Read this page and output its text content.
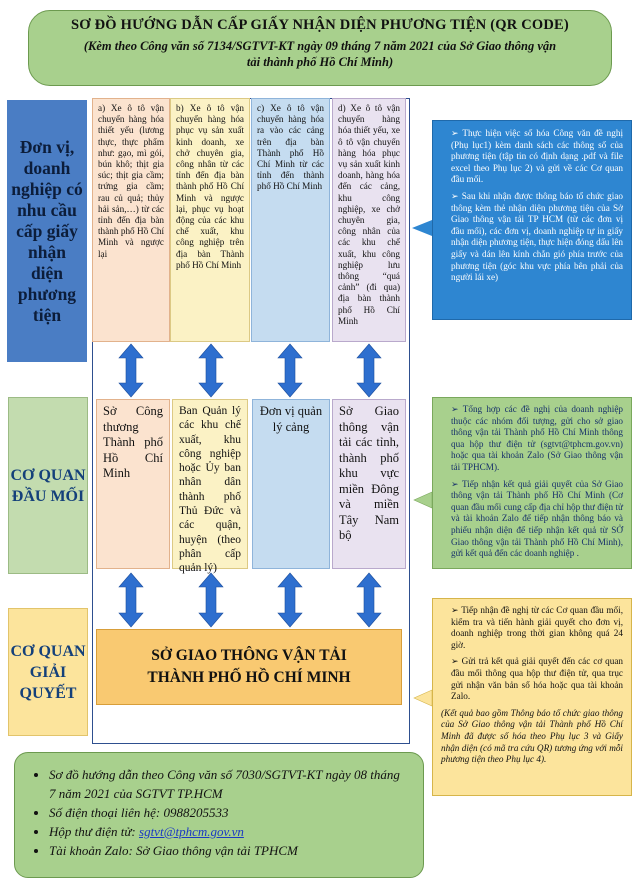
SƠ ĐỒ HƯỚNG DẪN CẤP GIẤY NHẬN DIỆN PHƯƠNG TIỆN (QR CODE)
(Kèm theo Công văn số 7134/SGTVT-KT ngày 09 tháng 7 năm 2021 của Sở Giao thông vận
tải thành phố Hồ Chí Minh)
Đơn vị, doanh nghiệp có nhu cầu cấp giấy nhận diện phương tiện
CƠ QUAN ĐẦU MỐI
CƠ QUAN GIẢI QUYẾT
a) Xe ô tô vận chuyển hàng hóa thiết yếu (lương thực, thực phẩm như: gạo, mì gói, bún khô; thịt gia súc; thịt gia cầm; trứng gia cầm; rau củ quả; thủy hải sản,…) từ các tỉnh đến địa bàn thành phố Hồ Chí Minh và ngược lại
b) Xe ô tô vận chuyển hàng hóa phục vụ sản xuất kinh doanh, xe chở chuyên gia, công nhân từ các tỉnh đến địa bàn thành phố Hồ Chí Minh và ngược lại, phục vụ hoạt động của các khu chế xuất, khu công nghiệp trên địa bàn Thành phố Hồ Chí Minh
c) Xe ô tô vận chuyển hàng hóa ra vào các cảng trên địa bàn Thành phố Hồ Chí Minh từ các tỉnh đến thành phố Hồ Chí Minh
d) Xe ô tô vận chuyển hàng hóa thiết yếu, xe ô tô vận chuyển hàng hóa phục vụ sản xuất kinh doanh, hàng hóa đến các cảng, khu công nghiệp, xe chở chuyên gia, công nhân của các khu chế xuất, khu công nghiệp lưu thông “quá cảnh” (đi qua) địa bàn thành phố Hồ Chí Minh
Sở Công thương Thành phố Hồ Chí Minh
Ban Quản lý các khu chế xuất, khu công nghiệp hoặc Ủy ban nhân dân thành phố Thủ Đức và các quận, huyện (theo phân cấp quản lý)
Đơn vị quản lý cảng
Sở Giao thông vận tải các tỉnh, thành phố khu vực miền Đông và miền Tây Nam bộ
SỞ GIAO THÔNG VẬN TẢI
THÀNH PHỐ HỒ CHÍ MINH

➢ Thực hiện việc số hóa Công văn đề nghị (Phụ lục1) kèm danh sách các thông số của phương tiện (tập tin có định dạng .pdf và file excel theo Phụ lục 2) và gửi về các Cơ quan đầu mối.

➢ Sau khi nhận được thông báo tổ chức giao thông kèm thẻ nhận diện phương tiện của Sở Giao thông vận tải TP HCM (từ các đơn vị đầu mối), các đơn vị, doanh nghiệp tự in giấy nhận diện phương tiện, thực hiện đóng dấu lên giấy và dán lên kính chắn gió phía trước của phương tiện (góc khu vực phía bên phải của người lái xe)

➢ Tổng hợp các đề nghị của doanh nghiệp thuộc các nhóm đối tượng, gửi cho sở giao thông vận tải Thành phố Hồ Chí Minh thông qua hộp thư điện tử (sgtvt@tphcm.gov.vn) hoặc qua tài khoản Zalo (Sở Giao thông vận tải TPHCM).

➢ Tiếp nhận kết quả giải quyết của Sở Giao thông vận tải Thành phố Hồ Chí Minh (Cơ quan đầu mối cung cấp địa chỉ hộp thư điện tử và tài khoản Zalo để tiếp nhận thông báo và phiếu nhận diện để tiếp nhận kết quả từ SỞ Giao thông vận tải Thành phố Hồ Chí Minh), gửi kết quả đến các doanh nghiệp .

➢ Tiếp nhận đề nghị từ các Cơ quan đầu mối, kiểm tra và tiến hành giải quyết cho đơn vị, doanh nghiệp trong thời gian không quá 24 giờ.

➢ Gửi trả kết quả giải quyết đến các cơ quan đầu mối thông qua hộp thư điện tử, qua trục gửi nhận văn bản số hóa hoặc qua tài khoản Zalo.

(Kết quả bao gồm Thông báo tổ chức giao thông của Sở Giao thông vận tải Thành phố Hồ Chí Minh đã được số hóa theo Phụ lục 3 và Giấy nhận diện (có mã tra cứu QR) tương ứng với mỗi phương tiện theo Phụ lục 4).

• Sơ đồ hướng dẫn theo Công văn số 7030/SGTVT-KT ngày 08 tháng 7 năm 2021 của SGTVT TP.HCM
• Số điện thoại liên hệ: 0988205533
• Hộp thư điện tử: sgtvt@tphcm.gov.vn
• Tài khoản Zalo: Sở Giao thông vận tải TPHCM
